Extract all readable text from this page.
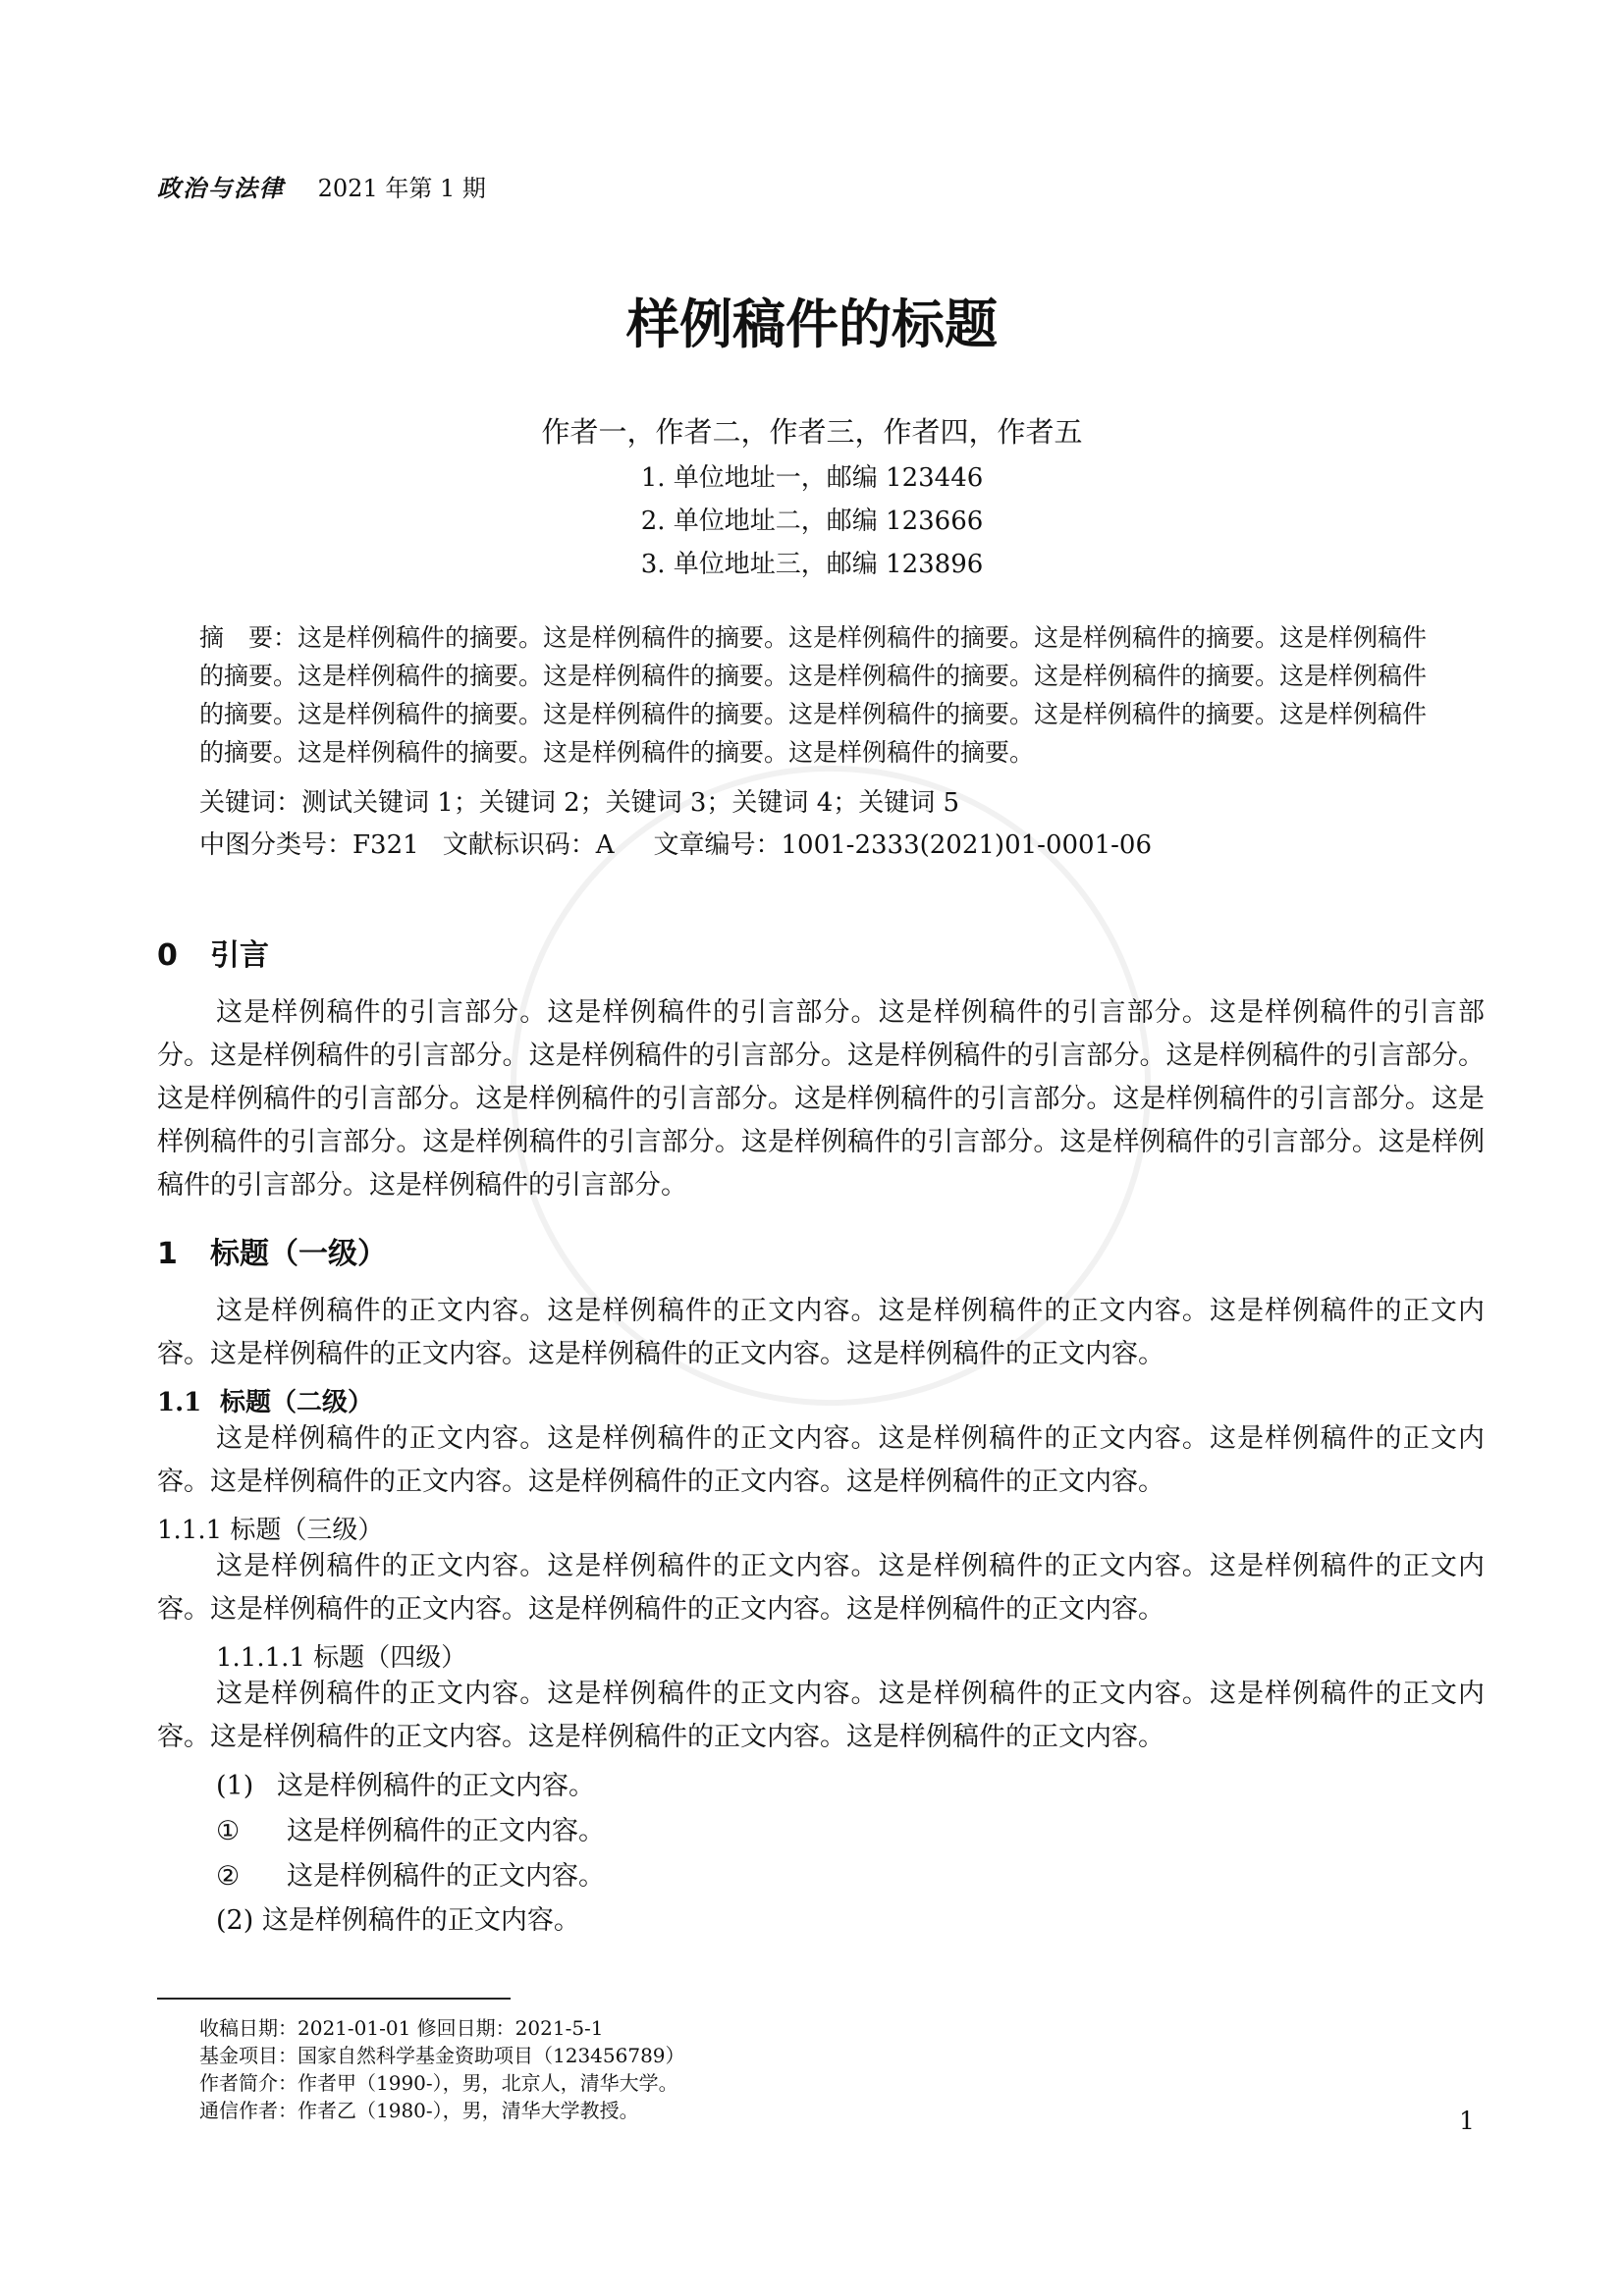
政治与法律 2021 年第 1 期
样例稿件的标题
作者一，作者二，作者三，作者四，作者五
1. 单位地址一，邮编 123446
2. 单位地址二，邮编 123666
3. 单位地址三，邮编 123896
摘　要：这是样例稿件的摘要。这是样例稿件的摘要。这是样例稿件的摘要。这是样例稿件的摘要。这是样例稿件的摘要。这是样例稿件的摘要。这是样例稿件的摘要。这是样例稿件的摘要。这是样例稿件的摘要。这是样例稿件的摘要。这是样例稿件的摘要。这是样例稿件的摘要。这是样例稿件的摘要。这是样例稿件的摘要。这是样例稿件的摘要。这是样例稿件的摘要。这是样例稿件的摘要。这是样例稿件的摘要。
关键词：测试关键词 1；关键词 2；关键词 3；关键词 4；关键词 5
中图分类号：F321 文献标识码：A 文章编号：1001-2333(2021)01-0001-06
0 引言

这是样例稿件的引言部分。这是样例稿件的引言部分。这是样例稿件的引言部分。这是样例稿件的引言部分。这是样例稿件的引言部分。这是样例稿件的引言部分。这是样例稿件的引言部分。这是样例稿件的引言部分。这是样例稿件的引言部分。这是样例稿件的引言部分。这是样例稿件的引言部分。这是样例稿件的引言部分。这是样例稿件的引言部分。这是样例稿件的引言部分。这是样例稿件的引言部分。这是样例稿件的引言部分。这是样例稿件的引言部分。这是样例稿件的引言部分。

1 标题（一级）

这是样例稿件的正文内容。这是样例稿件的正文内容。这是样例稿件的正文内容。这是样例稿件的正文内容。这是样例稿件的正文内容。这是样例稿件的正文内容。这是样例稿件的正文内容。

1.1 标题（二级）

这是样例稿件的正文内容。这是样例稿件的正文内容。这是样例稿件的正文内容。这是样例稿件的正文内容。这是样例稿件的正文内容。这是样例稿件的正文内容。这是样例稿件的正文内容。

1.1.1 标题（三级）

这是样例稿件的正文内容。这是样例稿件的正文内容。这是样例稿件的正文内容。这是样例稿件的正文内容。这是样例稿件的正文内容。这是样例稿件的正文内容。这是样例稿件的正文内容。

1.1.1.1 标题（四级）

这是样例稿件的正文内容。这是样例稿件的正文内容。这是样例稿件的正文内容。这是样例稿件的正文内容。这是样例稿件的正文内容。这是样例稿件的正文内容。这是样例稿件的正文内容。

(1) 这是样例稿件的正文内容。
① 这是样例稿件的正文内容。
② 这是样例稿件的正文内容。
(2) 这是样例稿件的正文内容。
收稿日期：2021-01-01 修回日期：2021-5-1
基金项目：国家自然科学基金资助项目（123456789）
作者简介：作者甲（1990-），男，北京人，清华大学。
通信作者：作者乙（1980-），男，清华大学教授。	1
